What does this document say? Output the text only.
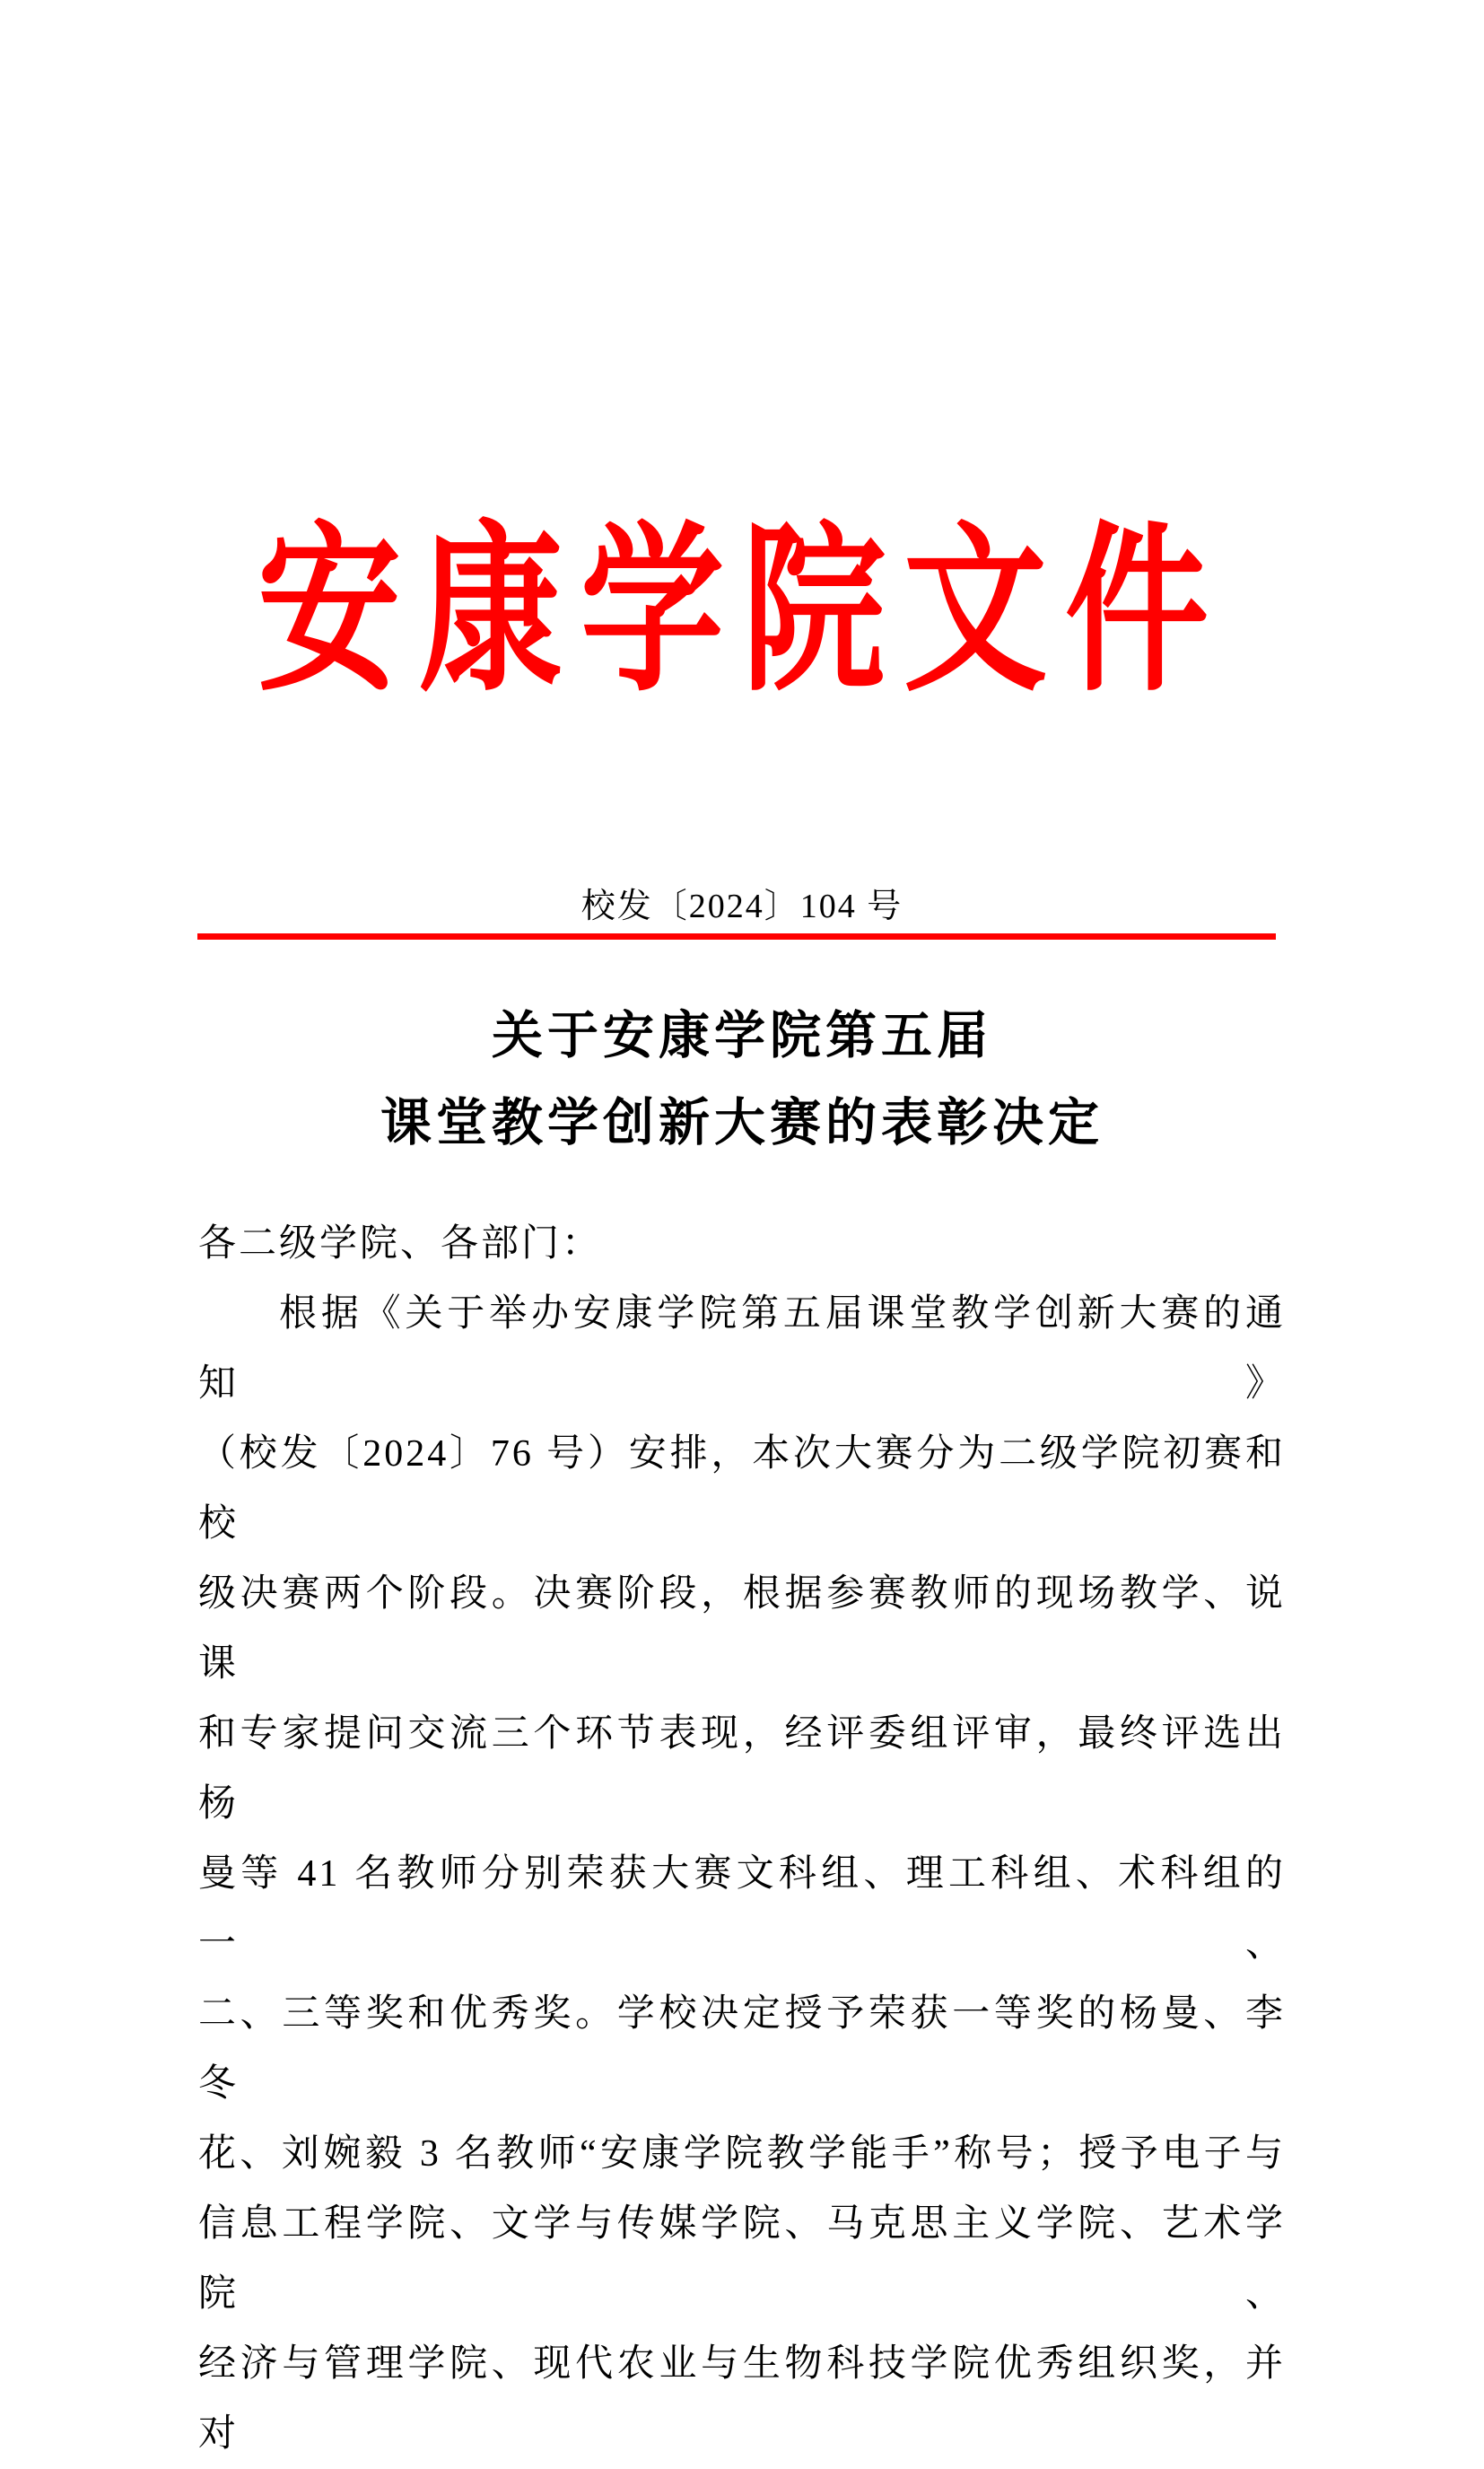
安康学院文件
校发〔2024〕104 号
关于安康学院第五届
课堂教学创新大赛的表彰决定
各二级学院、各部门：
根据《关于举办安康学院第五届课堂教学创新大赛的通知》
（校发〔2024〕76 号）安排，本次大赛分为二级学院初赛和校
级决赛两个阶段。决赛阶段，根据参赛教师的现场教学、说课
和专家提问交流三个环节表现，经评委组评审，最终评选出杨
曼等 41 名教师分别荣获大赛文科组、理工科组、术科组的一、
二、三等奖和优秀奖。学校决定授予荣获一等奖的杨曼、李冬
花、刘婉毅 3 名教师“安康学院教学能手”称号；授予电子与
信息工程学院、文学与传媒学院、马克思主义学院、艺术学院、
经济与管理学院、现代农业与生物科技学院优秀组织奖，并对
